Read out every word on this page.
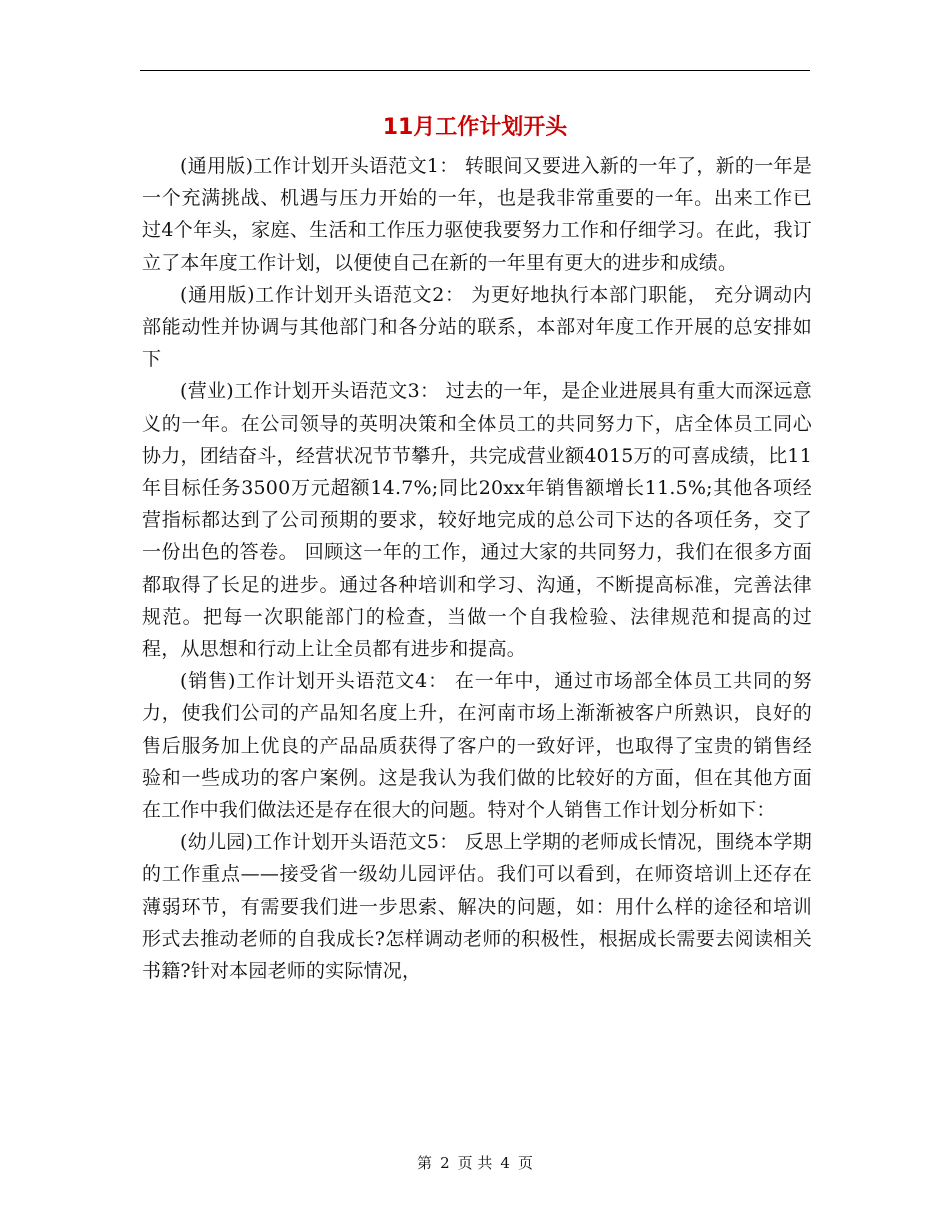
11月工作计划开头

(通用版)工作计划开头语范文1： 转眼间又要进入新的一年了，新的一年是一个充满挑战、机遇与压力开始的一年，也是我非常重要的一年。出来工作已过4个年头，家庭、生活和工作压力驱使我要努力工作和仔细学习。在此，我订立了本年度工作计划，以便使自己在新的一年里有更大的进步和成绩。

(通用版)工作计划开头语范文2： 为更好地执行本部门职能， 充分调动内部能动性并协调与其他部门和各分站的联系，本部对年度工作开展的总安排如下

(营业)工作计划开头语范文3： 过去的一年，是企业进展具有重大而深远意义的一年。在公司领导的英明决策和全体员工的共同努力下，店全体员工同心协力，团结奋斗，经营状况节节攀升，共完成营业额4015万的可喜成绩，比11年目标任务3500万元超额14.7%;同比20xx年销售额增长11.5%;其他各项经营指标都达到了公司预期的要求，较好地完成的总公司下达的各项任务，交了一份出色的答卷。 回顾这一年的工作，通过大家的共同努力，我们在很多方面都取得了长足的进步。通过各种培训和学习、沟通，不断提高标准，完善法律规范。把每一次职能部门的检查，当做一个自我检验、法律规范和提高的过程，从思想和行动上让全员都有进步和提高。

(销售)工作计划开头语范文4： 在一年中，通过市场部全体员工共同的努力，使我们公司的产品知名度上升，在河南市场上渐渐被客户所熟识，良好的售后服务加上优良的产品品质获得了客户的一致好评，也取得了宝贵的销售经验和一些成功的客户案例。这是我认为我们做的比较好的方面，但在其他方面在工作中我们做法还是存在很大的问题。特对个人销售工作计划分析如下：

(幼儿园)工作计划开头语范文5： 反思上学期的老师成长情况，围绕本学期的工作重点——接受省一级幼儿园评估。我们可以看到，在师资培训上还存在薄弱环节，有需要我们进一步思索、解决的问题，如：用什么样的途径和培训形式去推动老师的自我成长?怎样调动老师的积极性，根据成长需要去阅读相关书籍?针对本园老师的实际情况，

第 2 页 共 4 页
